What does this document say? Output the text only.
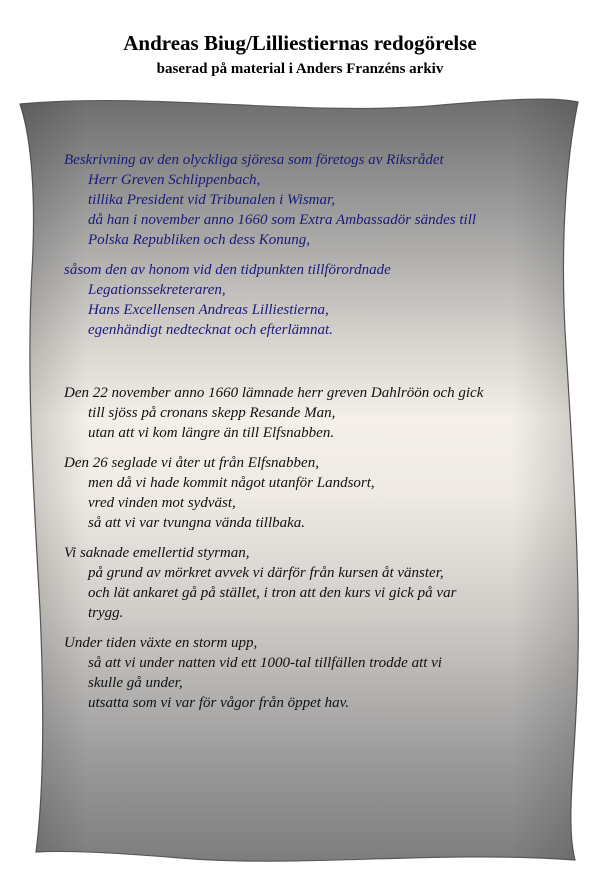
Andreas Biug/Lilliestiernas redogörelse
baserad på material i Anders Franzéns arkiv

Beskrivning av den olyckliga sjöresa som företogs av Riksrådet
Herr Greven Schlippenbach,
tillika President vid Tribunalen i Wismar,
då han i november anno 1660 som Extra Ambassadör sändes till
Polska Republiken och dess Konung,

såsom den av honom vid den tidpunkten tillförordnade
Legationssekreteraren,
Hans Excellensen Andreas Lilliestierna,
egenhändigt nedtecknat och efterlämnat.

Den 22 november anno 1660 lämnade herr greven Dahlröön och gick
till sjöss på cronans skepp Resande Man,
utan att vi kom längre än till Elfsnabben.

Den 26 seglade vi åter ut från Elfsnabben,
men då vi hade kommit något utanför Landsort,
vred vinden mot sydväst,
så att vi var tvungna vända tillbaka.

Vi saknade emellertid styrman,
på grund av mörkret avvek vi därför från kursen åt vänster,
och lät ankaret gå på stället, i tron att den kurs vi gick på var
trygg.

Under tiden växte en storm upp,
så att vi under natten vid ett 1000-tal tillfällen trodde att vi
skulle gå under,
utsatta som vi var för vågor från öppet hav.
